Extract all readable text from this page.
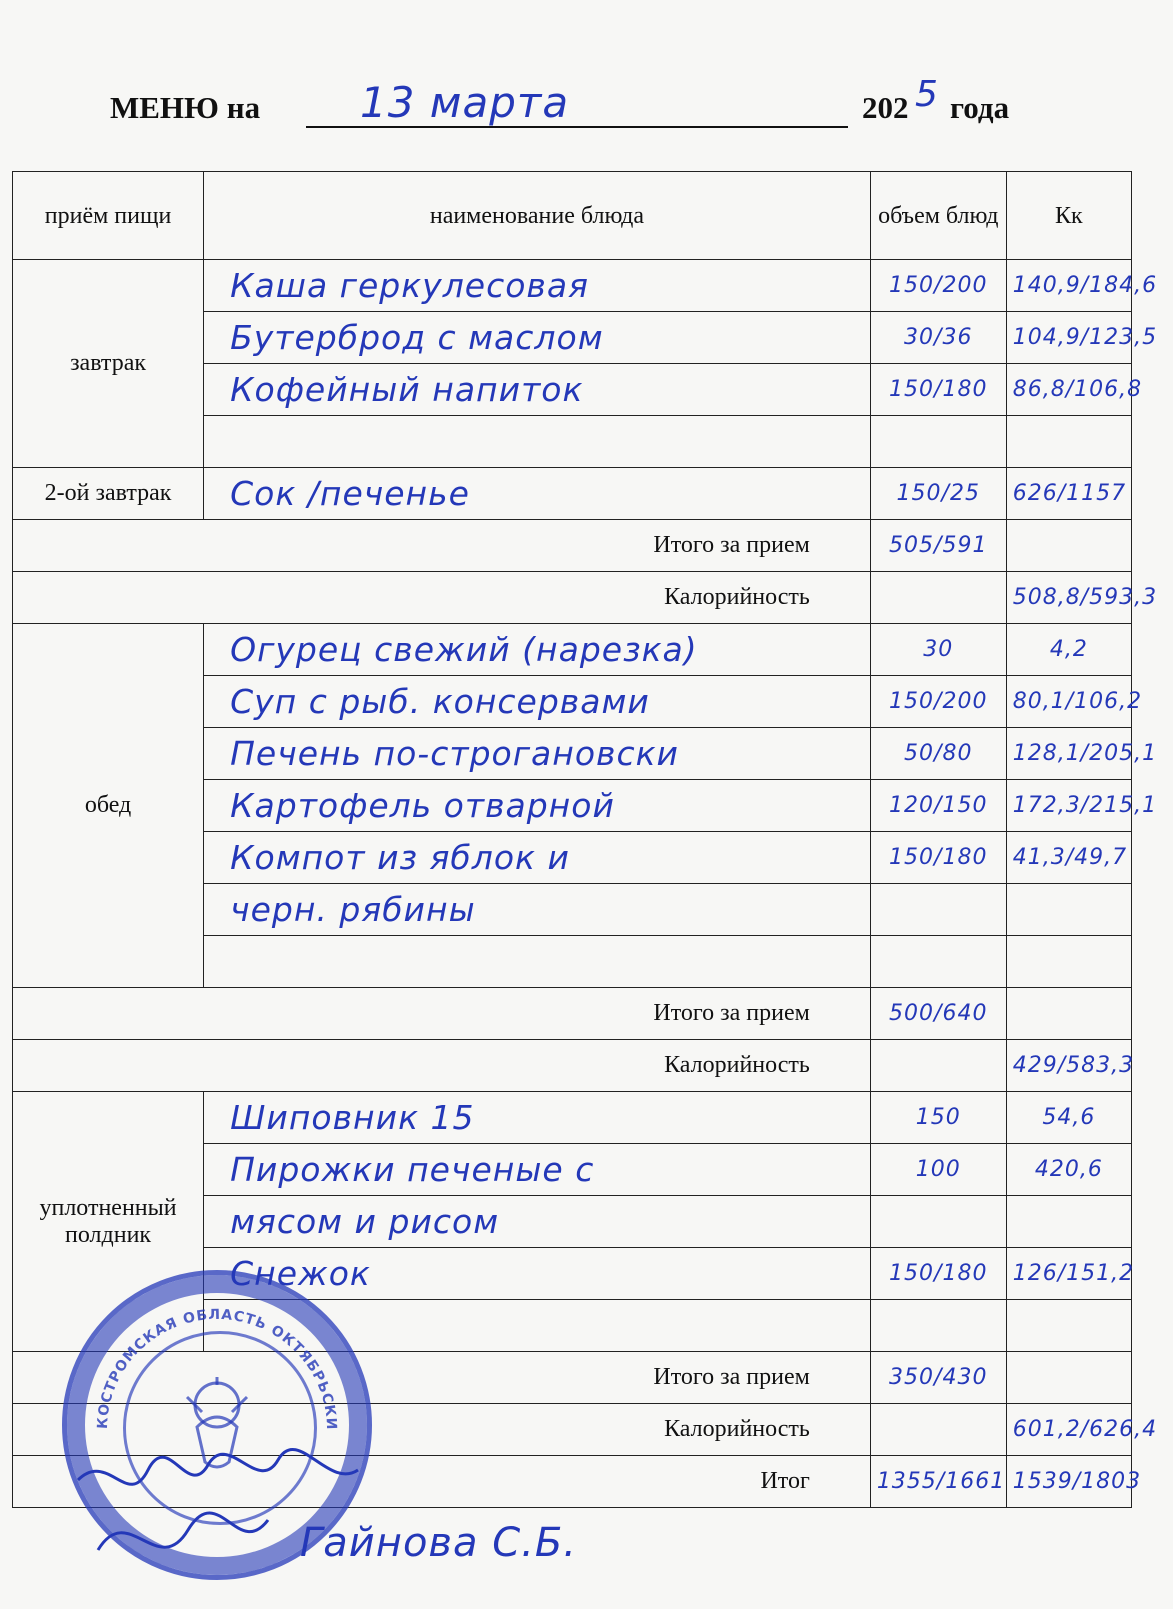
МЕНЮ на 13 марта	202 5 года
приём пищи	наименование блюда	объем блюд	Кк
завтрак	Каша геркулесовая	150/200	140,9/184,6
	Бутерброд с маслом	30/36	104,9/123,5
	Кофейный напиток	150/180	86,8/106,8

2-ой завтрак	Сок /печенье	150/25	626/1157
Итого за прием		505/591	
Калорийность			508,8/593,3
обед	Огурец свежий (нарезка)	30	4,2
	Суп с рыб. консервами	150/200	80,1/106,2
	Печень по-строгановски	50/80	128,1/205,1
	Картофель отварной	120/150	172,3/215,1
	Компот из яблок и	150/180	41,3/49,7
	черн. рябины		

Итого за прием		500/640	
Калорийность			429/583,3
уплотненный полдник	Шиповник 15	150	54,6
	Пирожки печеные с	100	420,6
	мясом и рисом		
	Снежок	150/180	126/151,2

Итого за прием		350/430	
Калорийность			601,2/626,4
Итог		1355/1661	1539/1803
КОСТРОМСКАЯ ОБЛАСТЬ ОКТЯБРЬСКИ
Гайнова С.Б.
